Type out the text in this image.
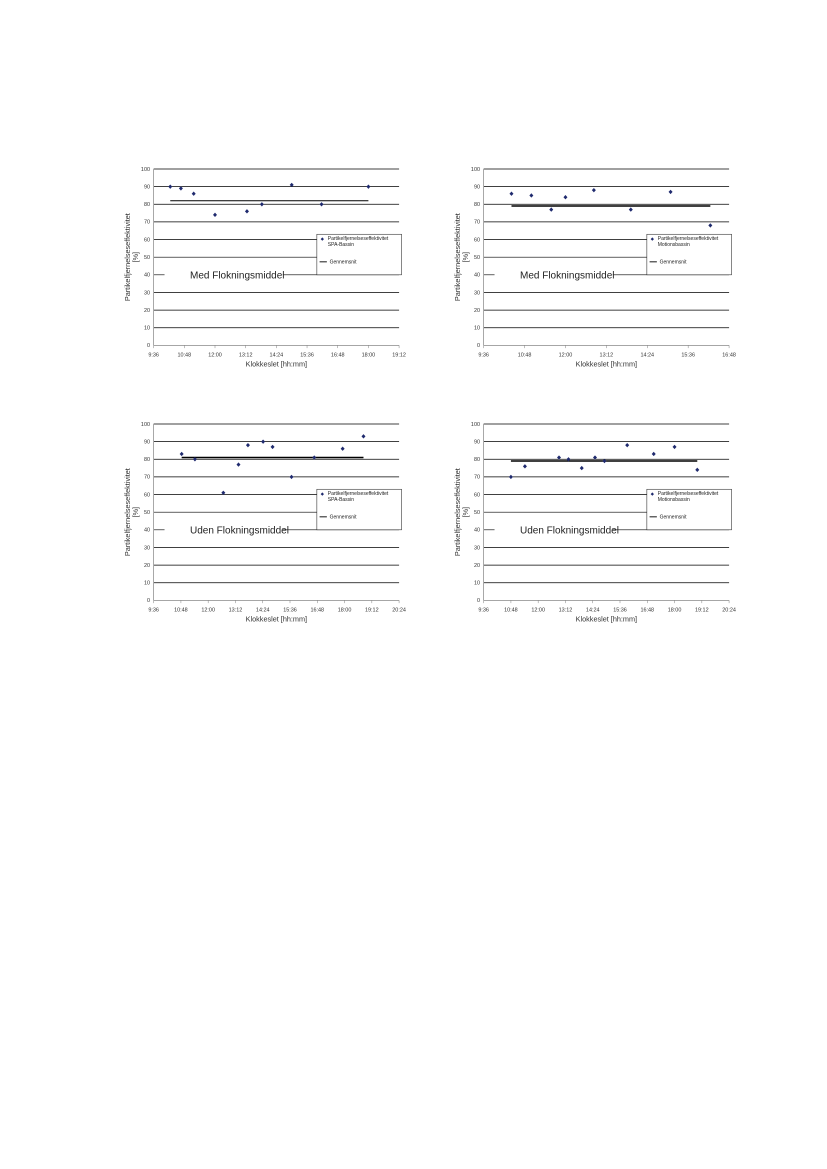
0
10
20
30
40
50
60
70
80
90
100
9:36	10:48	12:00	13:12	14:24	15:36	16:48	18:00	19:12
Klokkeslet [hh:mm]
Partikelfjernelseseffektivitet[%]
Partikelfjernelseseffektivitet
SPA-Bassin
Gennemsnit
Med Flokningsmiddel
0
10
20
30
40
50
60
70
80
90
100
9:36	10:48	12:00	13:12	14:24	15:36	16:48
Klokkeslet [hh:mm]
Partikelfjernelseseffektivitet[%]
Partikelfjernelseseffektivitet
Motionsbassin
Gennemsnit
Med Flokningsmiddel
0
10
20
30
40
50
60
70
80
90
100
9:36	10:48 12:00 13:12 14:24 15:36 16:48 18:00 19:12 20:24
Klokkeslet [hh:mm]
Partikelfjernelseseffektivitet[%]
Partikelfjernelseseffektivitet
SPA-Bassin
Gennemsnit
Uden Flokningsmiddel
0
10
20
30
40
50
60
70
80
90
100
9:36	10:48 12:00 13:12 14:24 15:36 16:48 18:00 19:12 20:24
Klokkeslet [hh:mm]
Partikelfjernelseseffektivitet[%]
Partikelfjernelseseffektivitet
Motionsbassin
Gennemsnit
Uden Flokningsmiddel
